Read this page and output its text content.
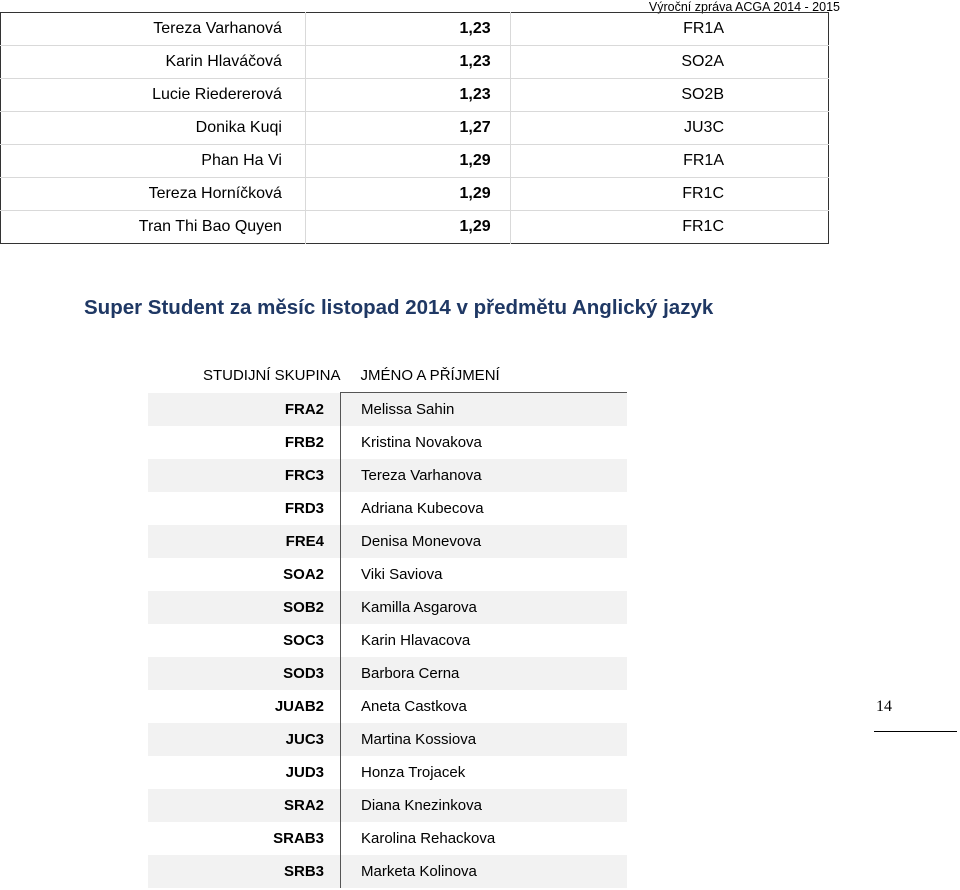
Výroční zpráva ACGA 2014 - 2015
Tereza Varhanová	1,23	FR1A
Karin Hlaváčová	1,23	SO2A
Lucie Riedererová	1,23	SO2B
Donika Kuqi	1,27	JU3C
Phan Ha Vi	1,29	FR1A
Tereza Horníčková	1,29	FR1C
Tran Thi Bao Quyen	1,29	FR1C
Super Student za měsíc listopad 2014 v předmětu Anglický jazyk
STUDIJNÍ SKUPINA	JMÉNO A PŘÍJMENÍ
FRA2	Melissa Sahin
FRB2	Kristina Novakova
FRC3	Tereza Varhanova
FRD3	Adriana Kubecova
FRE4	Denisa Monevova
SOA2	Viki Saviova
SOB2	Kamilla Asgarova
SOC3	Karin Hlavacova
SOD3	Barbora Cerna
JUAB2	Aneta Castkova
JUC3	Martina Kossiova
JUD3	Honza Trojacek
SRA2	Diana Knezinkova
SRAB3	Karolina Rehackova
SRB3	Marketa Kolinova
14
